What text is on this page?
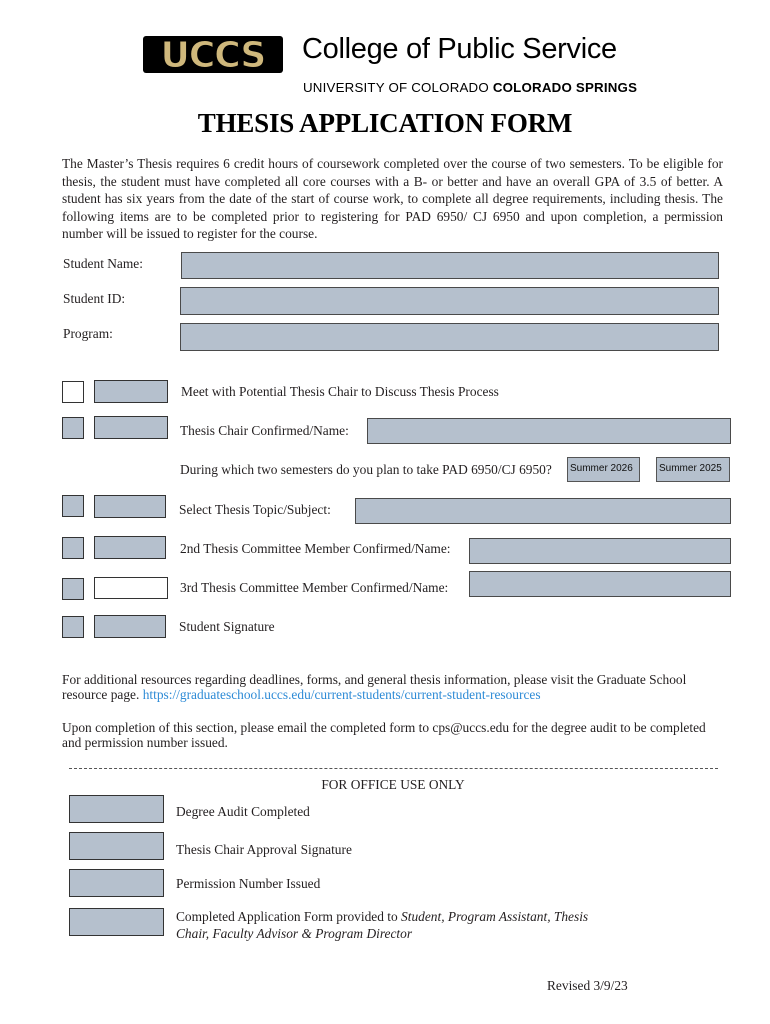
UCCS College of Public Service
UNIVERSITY OF COLORADO COLORADO SPRINGS
THESIS APPLICATION FORM
The Master’s Thesis requires 6 credit hours of coursework completed over the course of two semesters. To be eligible for thesis, the student must have completed all core courses with a B- or better and have an overall GPA of 3.5 of better. A student has six years from the date of the start of course work, to complete all degree requirements, including thesis. The following items are to be completed prior to registering for PAD 6950/ CJ 6950 and upon completion, a permission number will be issued to register for the course.
Student Name:
Student ID:
Program:
Meet with Potential Thesis Chair to Discuss Thesis Process
Thesis Chair Confirmed/Name:
During which two semesters do you plan to take PAD 6950/CJ 6950?	Summer 2026	Summer 2025
Select Thesis Topic/Subject:
2nd Thesis Committee Member Confirmed/Name:
3rd Thesis Committee Member Confirmed/Name:
Student Signature
For additional resources regarding deadlines, forms, and general thesis information, please visit the Graduate School resource page. https://graduateschool.uccs.edu/current-students/current-student-resources
Upon completion of this section, please email the completed form to cps@uccs.edu for the degree audit to be completed and permission number issued.
FOR OFFICE USE ONLY
Degree Audit Completed
Thesis Chair Approval Signature
Permission Number Issued
Completed Application Form provided to Student, Program Assistant, Thesis
Chair, Faculty Advisor & Program Director
Revised 3/9/23
